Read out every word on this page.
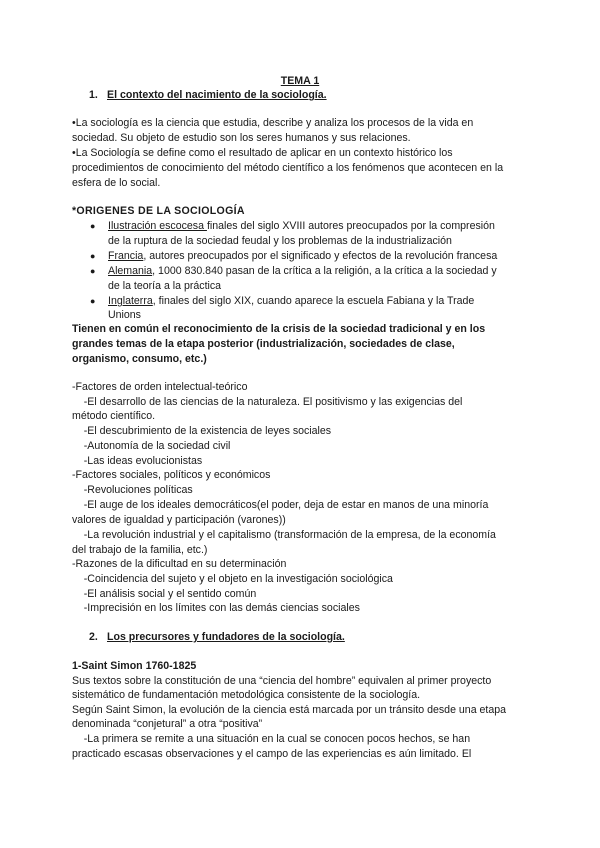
TEMA 1
1. El contexto del nacimiento de la sociología.
•La sociología es la ciencia que estudia, describe y analiza los procesos de la vida en
sociedad. Su objeto de estudio son los seres humanos y sus relaciones.
•La Sociología se define como el resultado de aplicar en un contexto histórico los
procedimientos de conocimiento del método científico a los fenómenos que acontecen en la
esfera de lo social.
*ORIGENES DE LA SOCIOLOGÍA
● Ilustración escocesa finales del siglo XVIII autores preocupados por la compresión
de la ruptura de la sociedad feudal y los problemas de la industrialización
● Francia, autores preocupados por el significado y efectos de la revolución francesa
● Alemania, 1000 830.840 pasan de la crítica a la religión, a la crítica a la sociedad y
de la teoría a la práctica
● Inglaterra, finales del siglo XIX, cuando aparece la escuela Fabiana y la Trade
Unions
Tienen en común el reconocimiento de la crisis de la sociedad tradicional y en los
grandes temas de la etapa posterior (industrialización, sociedades de clase,
organismo, consumo, etc.)
-Factores de orden intelectual-teórico
-El desarrollo de las ciencias de la naturaleza. El positivismo y las exigencias del
método científico.
-El descubrimiento de la existencia de leyes sociales
-Autonomía de la sociedad civil
-Las ideas evolucionistas
-Factores sociales, políticos y económicos
-Revoluciones políticas
-El auge de los ideales democráticos(el poder, deja de estar en manos de una minoría
valores de igualdad y participación (varones))
-La revolución industrial y el capitalismo (transformación de la empresa, de la economía
del trabajo de la familia, etc.)
-Razones de la dificultad en su determinación
-Coincidencia del sujeto y el objeto en la investigación sociológica
-El análisis social y el sentido común
-Imprecisión en los límites con las demás ciencias sociales
2. Los precursores y fundadores de la sociología.
1-Saint Simon 1760-1825
Sus textos sobre la constitución de una “ciencia del hombre” equivalen al primer proyecto
sistemático de fundamentación metodológica consistente de la sociología.
Según Saint Simon, la evolución de la ciencia está marcada por un tránsito desde una etapa
denominada “conjetural” a otra “positiva”
-La primera se remite a una situación en la cual se conocen pocos hechos, se han
practicado escasas observaciones y el campo de las experiencias es aún limitado. El
